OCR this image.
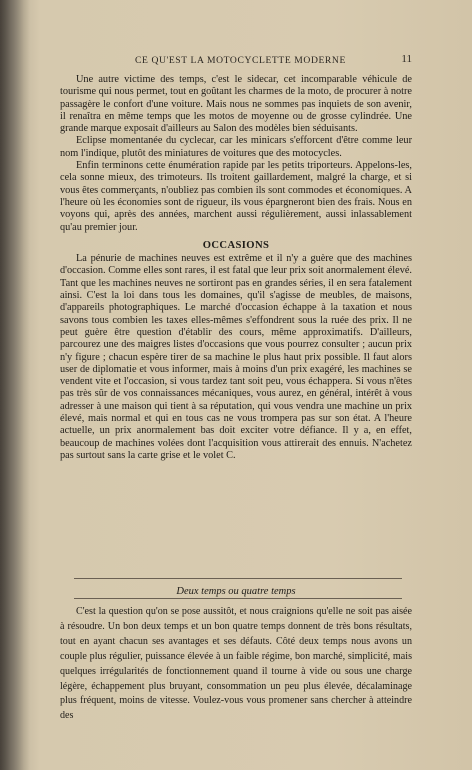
CE QU'EST LA MOTOCYCLETTE MODERNE	11

Une autre victime des temps, c'est le sidecar, cet incomparable véhicule de tourisme qui nous permet, tout en goûtant les charmes de la moto, de procurer à notre passagère le confort d'une voiture. Mais nous ne sommes pas inquiets de son avenir, il renaîtra en même temps que les motos de moyenne ou de grosse cylindrée. Une grande marque exposait d'ailleurs au Salon des modèles bien séduisants.

Eclipse momentanée du cyclecar, car les minicars s'efforcent d'être comme leur nom l'indique, plutôt des miniatures de voitures que des motocycles.

Enfin terminons cette énumération rapide par les petits triporteurs. Appelons-les, cela sonne mieux, des trimoteurs. Ils troitent gaillardement, malgré la charge, et si vous êtes commerçants, n'oubliez pas combien ils sont commodes et économiques. A l'heure où les économies sont de rigueur, ils vous épargneront bien des frais. Nous en voyons qui, après des années, marchent aussi régulièrement, aussi inlassablement qu'au premier jour.

OCCASIONS

La pénurie de machines neuves est extrême et il n'y a guère que des machines d'occasion. Comme elles sont rares, il est fatal que leur prix soit anormalement élevé. Tant que les machines neuves ne sortiront pas en grandes séries, il en sera fatalement ainsi. C'est la loi dans tous les domaines, qu'il s'agisse de meubles, de maisons, d'appareils photographiques. Le marché d'occasion échappe à la taxation et nous savons tous combien les taxes elles-mêmes s'effondrent sous la ruée des prix. Il ne peut guère être question d'établir des cours, même approximatifs. D'ailleurs, parcourez une des maigres listes d'occasions que vous pourrez consulter ; aucun prix n'y figure ; chacun espère tirer de sa machine le plus haut prix possible. Il faut alors user de diplomatie et vous informer, mais à moins d'un prix exagéré, les machines se vendent vite et l'occasion, si vous tardez tant soit peu, vous échappera. Si vous n'êtes pas très sûr de vos connaissances mécaniques, vous aurez, en général, intérêt à vous adresser à une maison qui tient à sa réputation, qui vous vendra une machine un prix élevé, mais normal et qui en tous cas ne vous trompera pas sur son état. A l'heure actuelle, un prix anormalement bas doit exciter votre défiance. Il y a, en effet, beaucoup de machines volées dont l'acquisition vous attirerait des ennuis. N'achetez pas surtout sans la carte grise et le volet C.

Deux temps ou quatre temps

C'est la question qu'on se pose aussitôt, et nous craignions qu'elle ne soit pas aisée à résoudre. Un bon deux temps et un bon quatre temps donnent de très bons résultats, tout en ayant chacun ses avantages et ses défauts. Côté deux temps nous avons un couple plus régulier, puissance élevée à un faible régime, bon marché, simplicité, mais quelques irrégularités de fonctionnement quand il tourne à vide ou sous une charge légère, échappement plus bruyant, consommation un peu plus élevée, décalaminage plus fréquent, moins de vitesse. Voulez-vous vous promener sans chercher à atteindre des
